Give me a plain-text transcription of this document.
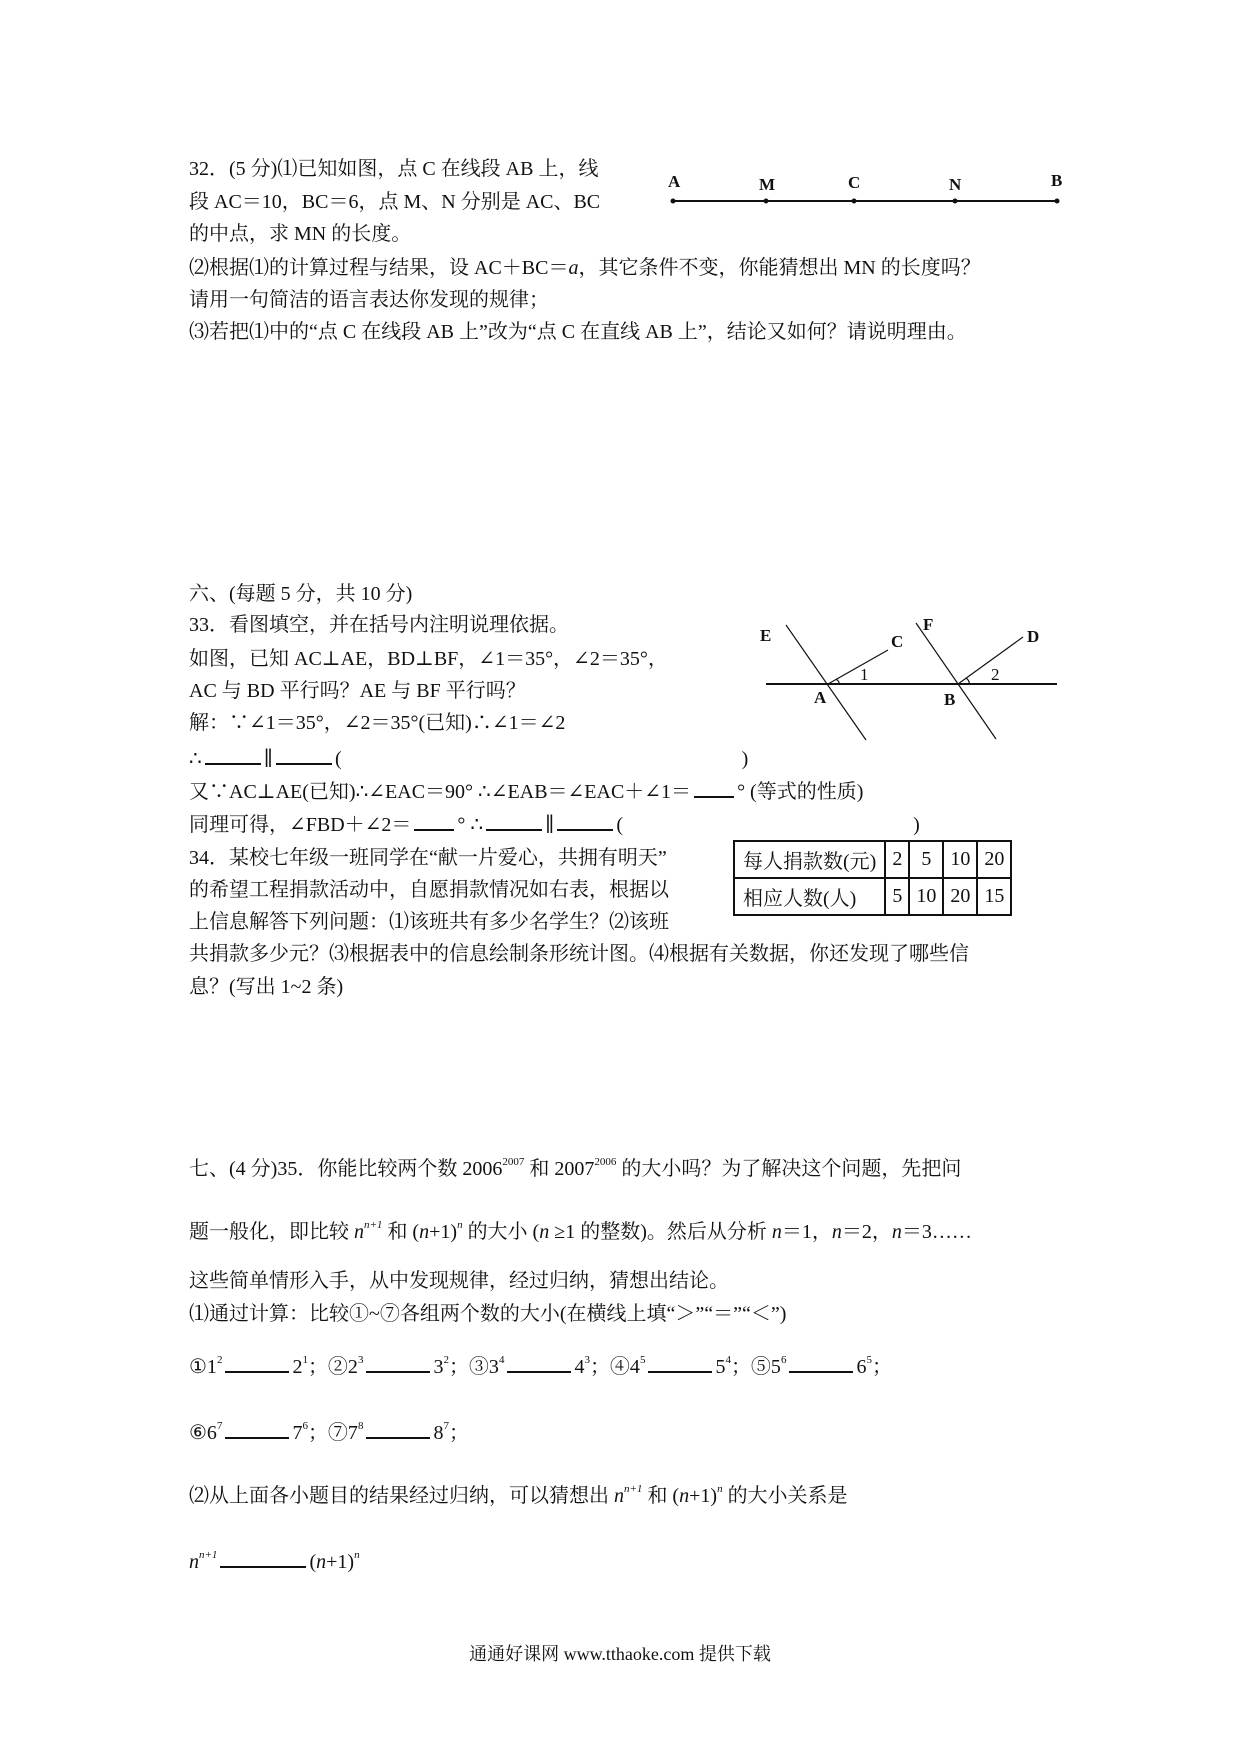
32．(5 分)⑴已知如图，点 C 在线段 AB 上，线
段 AC＝10，BC＝6，点 M、N 分别是 AC、BC
的中点，求 MN 的长度。
⑵根据⑴的计算过程与结果，设 AC＋BC＝a，其它条件不变，你能猜想出 MN 的长度吗？
请用一句简洁的语言表达你发现的规律；
⑶若把⑴中的“点 C 在线段 AB 上”改为“点 C 在直线 AB 上”，结论又如何？请说明理由。
A	M	C	N	B
六、(每题 5 分，共 10 分)
33．看图填空，并在括号内注明说理依据。
如图，已知 AC⊥AE，BD⊥BF，∠1＝35°，∠2＝35°，
AC 与 BD 平行吗？AE 与 BF 平行吗？
解：∵∠1＝35°，∠2＝35°(已知)∴∠1＝∠2
∴	∥	(	)
又∵AC⊥AE(已知)∴∠EAC＝90° ∴∠EAB＝∠EAC＋∠1＝ ° (等式的性质)
同理可得，∠FBD＋∠2＝ ° ∴	∥	(	)
E	C
F
D
A	B
1	2
34．某校七年级一班同学在“献一片爱心，共拥有明天”
的希望工程捐款活动中，自愿捐款情况如右表，根据以
上信息解答下列问题：⑴该班共有多少名学生？⑵该班
共捐款多少元？⑶根据表中的信息绘制条形统计图。⑷根据有关数据，你还发现了哪些信
息？(写出 1~2 条)
每人捐款数(元)	2	5	10	20
相应人数(人)	5	10	20	15
七、(4 分)35．你能比较两个数 $2006^{2007}$ 和 $2007^{2006}$ 的大小吗？为了解决这个问题，先把问
题一般化，即比较 $n^{n+1}$ 和 $(n+1)^n$ 的大小 (n ≥1 的整数)。然后从分析 n＝1，n＝2，n＝3……
这些简单情形入手，从中发现规律，经过归纳，猜想出结论。
⑴通过计算：比较①~⑦各组两个数的大小(在横线上填“＞”“＝”“＜”)
$①1^2$	$2^1$；$②2^3$	$3^2$；$③3^4$	$4^3$；$④4^5$	$5^4$；$⑤5^6$	$6^5$；
$⑥6^7$	$7^6$；$⑦7^8$	$8^7$；
⑵从上面各小题目的结果经过归纳，可以猜想出 $n^{n+1}$ 和 $(n+1)^n$ 的大小关系是
$n^{n+1}$	$(n+1)^n$
通通好课网 www.tthaoke.com 提供下载
